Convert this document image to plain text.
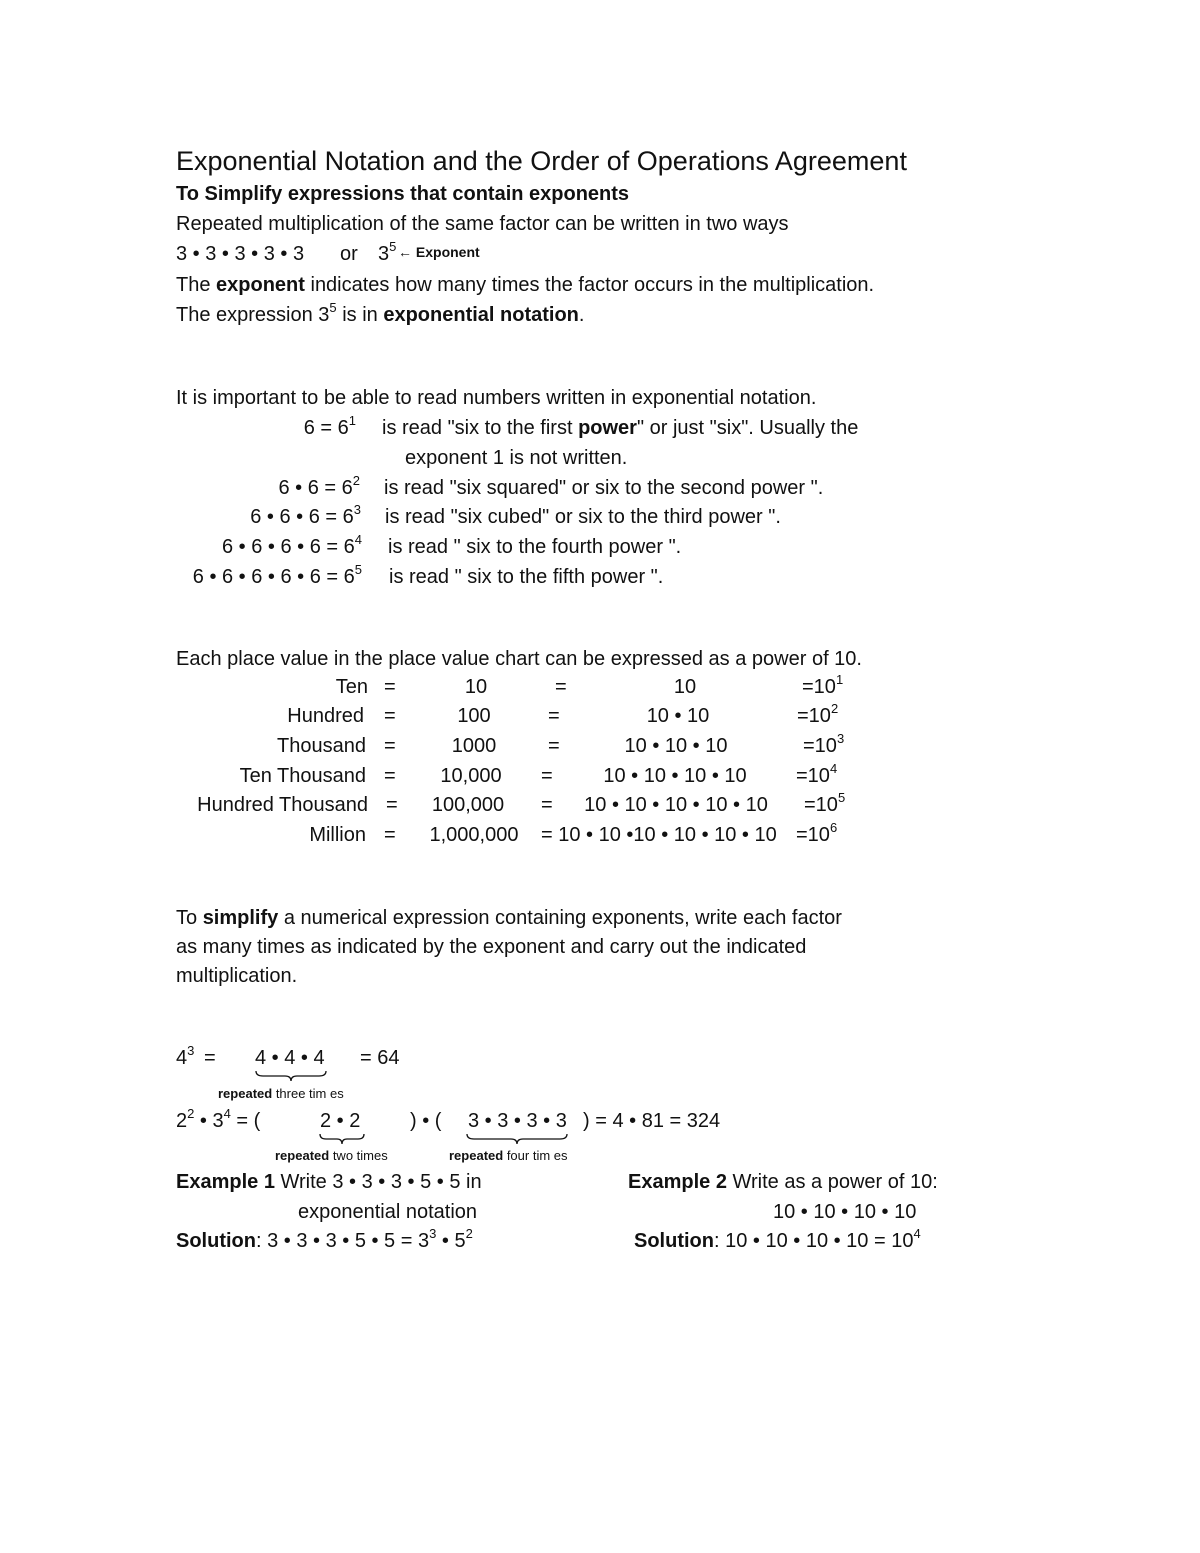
Exponential Notation and the Order of Operations Agreement
To Simplify expressions that contain exponents
Repeated multiplication of the same factor can be written in two ways
3 • 3 • 3 • 3 • 3 or $3^5$ ← Exponent
The exponent indicates how many times the factor occurs in the multiplication.
The expression $3^5$ is in exponential notation.
It is important to be able to read numbers written in exponential notation.
$6 = 6^1$ is read "six to the first power" or just "six". Usually the
exponent 1 is not written.
6 • $6 = 6^2$ is read "six squared" or six to the second power ".
6 • 6 • $6 = 6^3$ is read "six cubed" or six to the third power ".
6 • 6 • 6 • $6 = 6^4$ is read " six to the fourth power ".
6 • 6 • 6 • 6 • $6 = 6^5$ is read " six to the fifth power ".
Each place value in the place value chart can be expressed as a power of 10.
Ten =	10	=	10	$=10^1$
Hundred =	100	=	10 • 10	$=10^2$
Thousand =	1000	=	10 • 10 • 10	$=10^3$
Ten Thousand =	10,000	=	10 • 10 • 10 • 10	$=10^4$
Hundred Thousand =	100,000	=	10 • 10 • 10 • 10 • 10	$=10^5$
Million =	1,000,000	= 10 • 10 •10 • 10 • 10 • $10 =10^6$
To simplify a numerical expression containing exponents, write each factor
as many times as indicated by the exponent and carry out the indicated
multiplication.
$4^3 = 4$ • 4 • 4 = 64
repeated three tim es
$2^2$ • $3^4$ = (	2 • 2 ) • ( 3 • 3 • 3 • 3 ) = 4 • 81 = 324
repeated two times	repeated four tim es
Example 1 Write 3 • 3 • 3 • 5 • 5 in
exponential notation
Solution: 3 • 3 • 3 • 5 • $5 = 3^3$ • $5^2$
Example 2 Write as a power of 10:
10 • 10 • 10 • 10
Solution: 10 • 10 • 10 • $10 = 10^4$
